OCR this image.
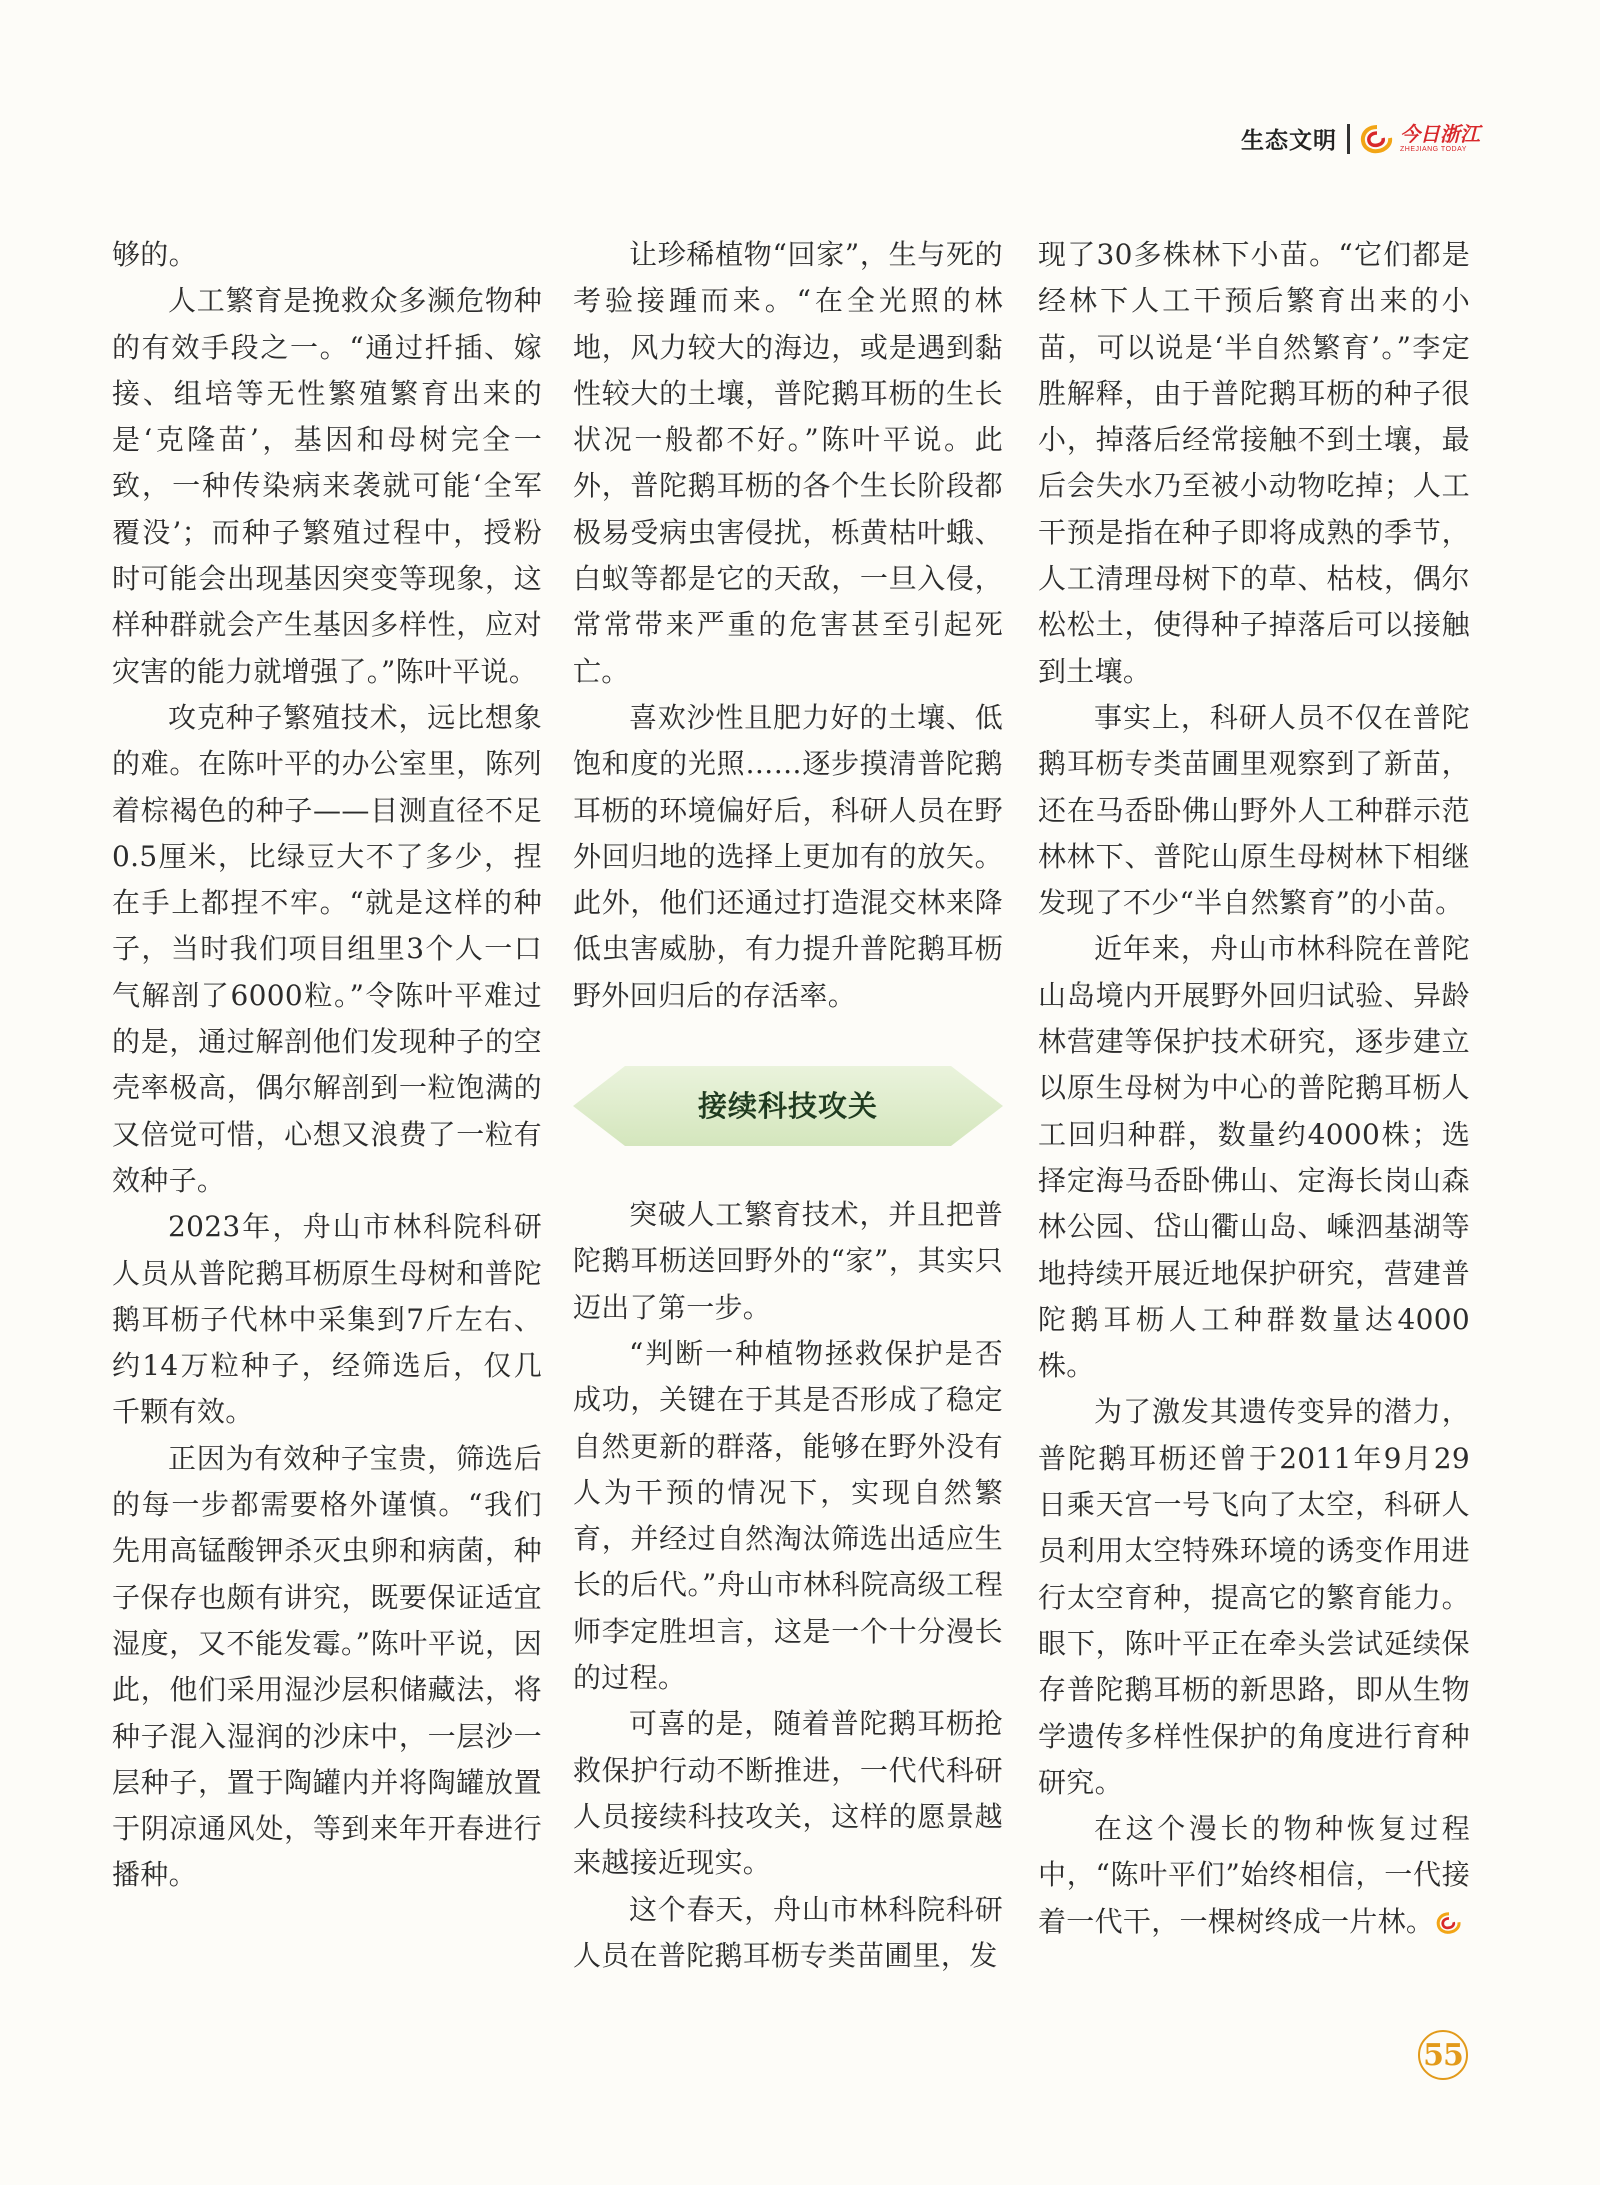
生态文明	今日浙江
ZHEJIANG TODAY

够的。

人工繁育是挽救众多濒危物种的有效手段之一。“通过扦插、嫁接、组培等无性繁殖繁育出来的是‘克隆苗’，基因和母树完全一致，一种传染病来袭就可能‘全军覆没’；而种子繁殖过程中，授粉时可能会出现基因突变等现象，这样种群就会产生基因多样性，应对灾害的能力就增强了。”陈叶平说。

攻克种子繁殖技术，远比想象的难。在陈叶平的办公室里，陈列着棕褐色的种子——目测直径不足0.5厘米，比绿豆大不了多少，捏在手上都捏不牢。“就是这样的种子，当时我们项目组里3个人一口气解剖了6000粒。”令陈叶平难过的是，通过解剖他们发现种子的空壳率极高，偶尔解剖到一粒饱满的又倍觉可惜，心想又浪费了一粒有效种子。

2023年，舟山市林科院科研人员从普陀鹅耳枥原生母树和普陀鹅耳枥子代林中采集到7斤左右、约14万粒种子，经筛选后，仅几千颗有效。

正因为有效种子宝贵，筛选后的每一步都需要格外谨慎。“我们先用高锰酸钾杀灭虫卵和病菌，种子保存也颇有讲究，既要保证适宜湿度，又不能发霉。”陈叶平说，因此，他们采用湿沙层积储藏法，将种子混入湿润的沙床中，一层沙一层种子，置于陶罐内并将陶罐放置于阴凉通风处，等到来年开春进行播种。

让珍稀植物“回家”，生与死的考验接踵而来。“在全光照的林地，风力较大的海边，或是遇到黏性较大的土壤，普陀鹅耳枥的生长状况一般都不好。”陈叶平说。此外，普陀鹅耳枥的各个生长阶段都极易受病虫害侵扰，栎黄枯叶蛾、白蚁等都是它的天敌，一旦入侵，常常带来严重的危害甚至引起死亡。

喜欢沙性且肥力好的土壤、低饱和度的光照……逐步摸清普陀鹅耳枥的环境偏好后，科研人员在野外回归地的选择上更加有的放矢。此外，他们还通过打造混交林来降低虫害威胁，有力提升普陀鹅耳枥野外回归后的存活率。

接续科技攻关

突破人工繁育技术，并且把普陀鹅耳枥送回野外的“家”，其实只迈出了第一步。

“判断一种植物拯救保护是否成功，关键在于其是否形成了稳定自然更新的群落，能够在野外没有人为干预的情况下，实现自然繁育，并经过自然淘汰筛选出适应生长的后代。”舟山市林科院高级工程师李定胜坦言，这是一个十分漫长的过程。

可喜的是，随着普陀鹅耳枥抢救保护行动不断推进，一代代科研人员接续科技攻关，这样的愿景越来越接近现实。

这个春天，舟山市林科院科研人员在普陀鹅耳枥专类苗圃里，发

现了30多株林下小苗。“它们都是经林下人工干预后繁育出来的小苗，可以说是‘半自然繁育’。”李定胜解释，由于普陀鹅耳枥的种子很小，掉落后经常接触不到土壤，最后会失水乃至被小动物吃掉；人工干预是指在种子即将成熟的季节，人工清理母树下的草、枯枝，偶尔松松土，使得种子掉落后可以接触到土壤。

事实上，科研人员不仅在普陀鹅耳枥专类苗圃里观察到了新苗，还在马岙卧佛山野外人工种群示范林林下、普陀山原生母树林下相继发现了不少“半自然繁育”的小苗。

近年来，舟山市林科院在普陀山岛境内开展野外回归试验、异龄林营建等保护技术研究，逐步建立以原生母树为中心的普陀鹅耳枥人工回归种群，数量约4000株；选择定海马岙卧佛山、定海长岗山森林公园、岱山衢山岛、嵊泗基湖等地持续开展近地保护研究，营建普陀鹅耳枥人工种群数量达4000株。

为了激发其遗传变异的潜力，普陀鹅耳枥还曾于2011年9月29日乘天宫一号飞向了太空，科研人员利用太空特殊环境的诱变作用进行太空育种，提高它的繁育能力。眼下，陈叶平正在牵头尝试延续保存普陀鹅耳枥的新思路，即从生物学遗传多样性保护的角度进行育种研究。

在这个漫长的物种恢复过程中，“陈叶平们”始终相信，一代接着一代干，一棵树终成一片林。

55
